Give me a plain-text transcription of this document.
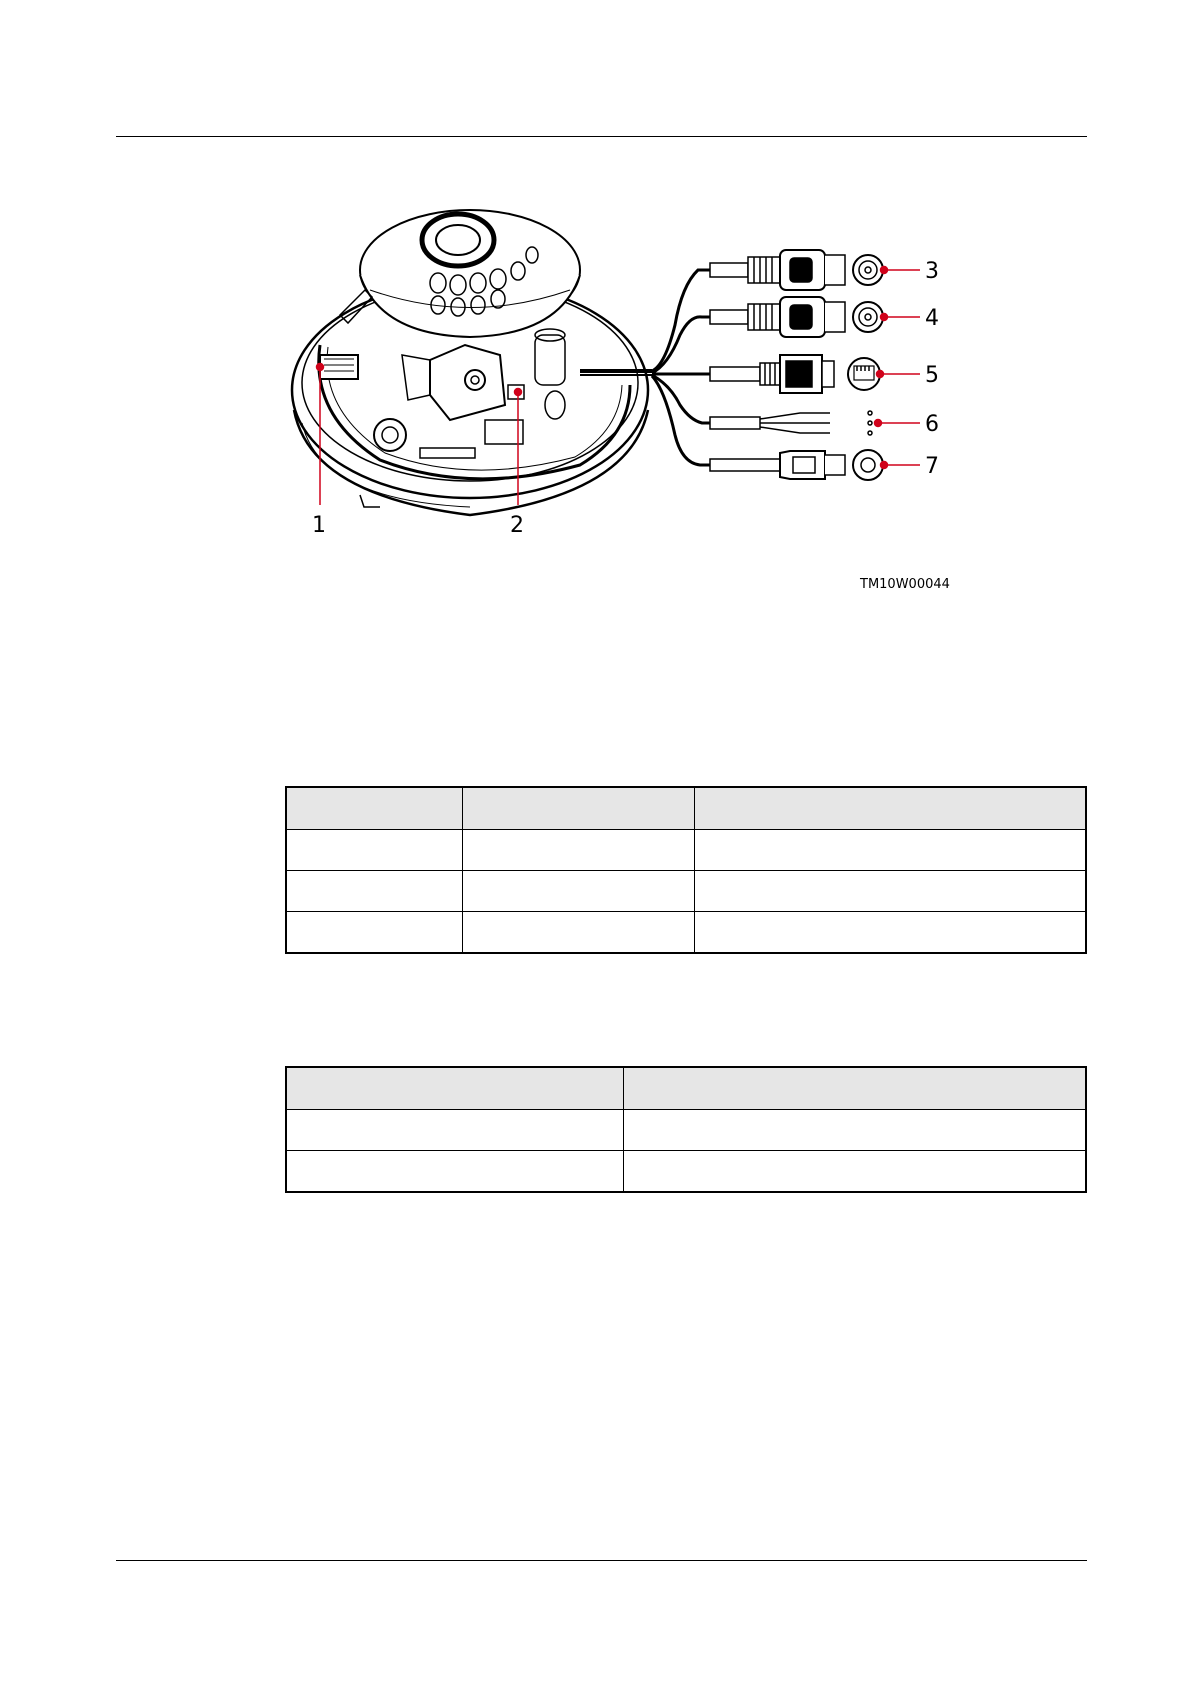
1	2
3
4
5
6
7
TM10W00044
